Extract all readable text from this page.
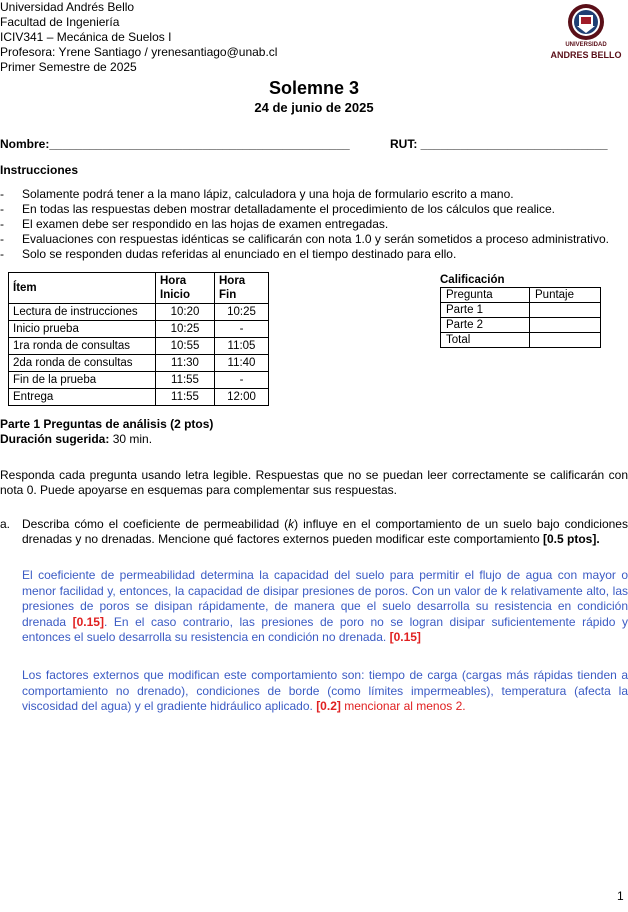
Universidad Andrés Bello
Facultad de Ingeniería
ICIV341 – Mecánica de Suelos I
Profesora: Yrene Santiago / yrenesantiago@unab.cl
Primer Semestre de 2025
UNIVERSIDAD
ANDRES BELLO
Solemne 3
24 de junio de 2025
Nombre:_____________________________________________	RUT: ____________________________
Instrucciones
- Solamente podrá tener a la mano lápiz, calculadora y una hoja de formulario escrito a mano.
- En todas las respuestas deben mostrar detalladamente el procedimiento de los cálculos que realice.
- El examen debe ser respondido en las hojas de examen entregadas.
- Evaluaciones con respuestas idénticas se calificarán con nota 1.0 y serán sometidos a proceso administrativo.
- Solo se responden dudas referidas al enunciado en el tiempo destinado para ello.
Ítem	Hora Inicio	Hora Fin
Lectura de instrucciones	10:20	10:25
Inicio prueba	10:25	-
1ra ronda de consultas	10:55	11:05
2da ronda de consultas	11:30	11:40
Fin de la prueba	11:55	-
Entrega	11:55	12:00
Calificación
Pregunta	Puntaje
Parte 1	
Parte 2	
Total	
Parte 1 Preguntas de análisis (2 ptos)
Duración sugerida: 30 min.
Responda cada pregunta usando letra legible. Respuestas que no se puedan leer correctamente se calificarán con nota 0. Puede apoyarse en esquemas para complementar sus respuestas.
a. Describa cómo el coeficiente de permeabilidad (k) influye en el comportamiento de un suelo bajo condiciones drenadas y no drenadas. Mencione qué factores externos pueden modificar este comportamiento [0.5 ptos].
El coeficiente de permeabilidad determina la capacidad del suelo para permitir el flujo de agua con mayor o menor facilidad y, entonces, la capacidad de disipar presiones de poros. Con un valor de k relativamente alto, las presiones de poros se disipan rápidamente, de manera que el suelo desarrolla su resistencia en condición drenada [0.15]. En el caso contrario, las presiones de poro no se logran disipar suficientemente rápido y entonces el suelo desarrolla su resistencia en condición no drenada. [0.15]
Los factores externos que modifican este comportamiento son: tiempo de carga (cargas más rápidas tienden a comportamiento no drenado), condiciones de borde (como límites impermeables), temperatura (afecta la viscosidad del agua) y el gradiente hidráulico aplicado. [0.2] mencionar al menos 2.
1
